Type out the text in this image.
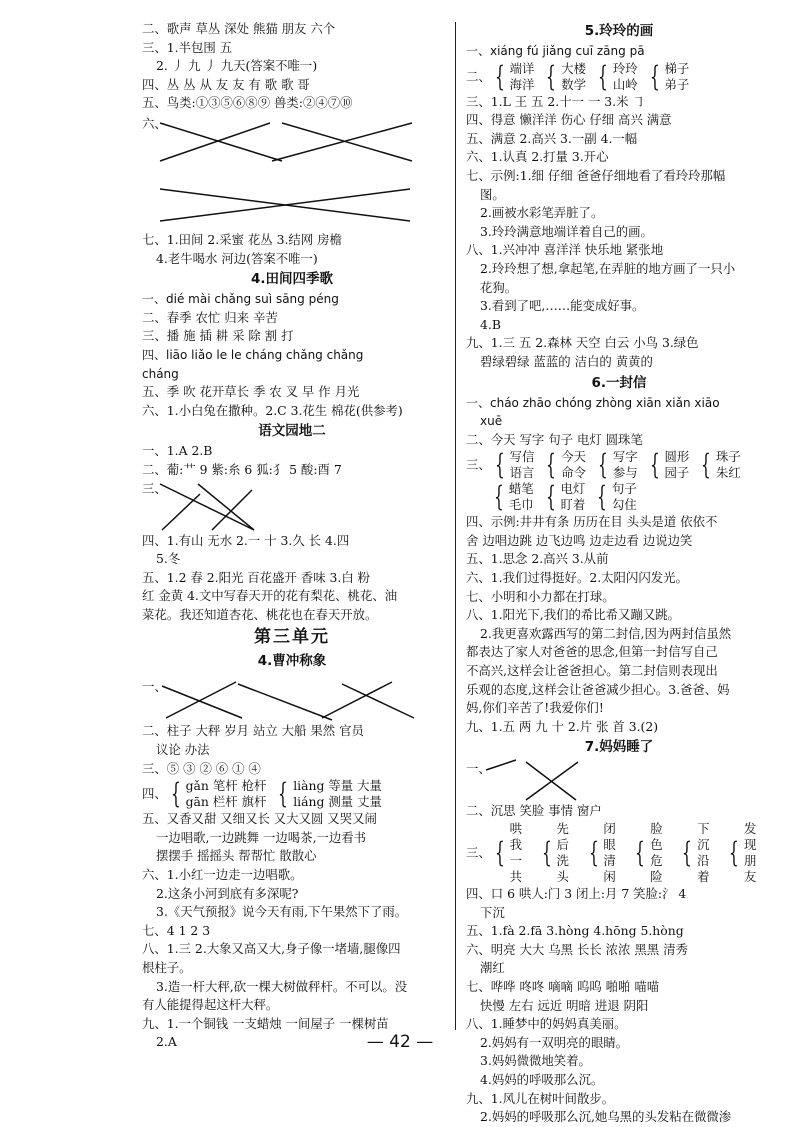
二、歌声 草丛 深处 熊猫 朋友 六个
三、1.半包围 五
2. 丿 九 丿 九天(答案不唯一)
四、丛 丛 从 友 友 有 歌 歌 哥
五、鸟类:①③⑤⑥⑧⑨ 兽类:②④⑦⑩
六、
七、1.田间 2.采蜜 花丛 3.结网 房檐
4.老牛喝水 河边(答案不唯一)
4.田间四季歌
一、dié mài chǎng suì sāng péng
二、春季 农忙 归来 辛苦
三、播 施 插 耕 采 除 割 打
四、liāo liǎo le le cháng chǎng chǎng
cháng
五、季 吹 花开草长 季 农 叉 早 作 月光
六、1.小白兔在撒种。2.C 3.花生 棉花(供参考)
语文园地二
一、1.A 2.B
二、葡:艹 9 紫:糸 6 狐:犭 5 酸:酉 7
三、
四、1.有山 无水 2.一 十 3.久 长 4.四
5.冬
五、1.2 春 2.阳光 百花盛开 香味 3.白 粉
红 金黄 4.文中写春天开的花有梨花、桃花、油
菜花。我还知道杏花、桃花也在春天开放。
第三单元
4.曹冲称象
一、
二、柱子 大秤 岁月 站立 大船 果然 官员
议论 办法
三、⑤ ③ ② ⑥ ① ④
四、 { gǎn 笔杆 枪杆
gān 栏杆 旗杆 { liàng 等量 大量
liáng 测量 丈量
五、又香又甜 又细又长 又大又圆 又哭又闹
一边唱歌,一边跳舞 一边喝茶,一边看书
摆摆手 摇摇头 帮帮忙 散散心
六、1.小红一边走一边唱歌。
2.这条小河到底有多深呢?
3.《天气预报》说今天有雨,下午果然下了雨。
七、4 1 2 3
八、1.三 2.大象又高又大,身子像一堵墙,腿像四
根柱子。
3.造一杆大秤,砍一棵大树做秤杆。不可以。没
有人能提得起这杆大秤。
九、1.一个铜钱 一支蜡烛 一间屋子 一棵树苗
2.A
5.玲玲的画
一、xiáng fú jiǎng cuī zāng pā
二、 { 端详
海洋 { 大楼
数学 { 玲玲
山岭 { 梯子
弟子
三、1.L 王 五 2.十一 一 3.米 ㇆
四、得意 懒洋洋 伤心 仔细 高兴 满意
五、满意 2.高兴 3.一副 4.一幅
六、1.认真 2.打量 3.开心
七、示例:1.细 仔细 爸爸仔细地看了看玲玲那幅
图。
2.画被水彩笔弄脏了。
3.玲玲满意地端详着自己的画。
八、1.兴冲冲 喜洋洋 快乐地 紧张地
2.玲玲想了想,拿起笔,在弄脏的地方画了一只小
花狗。
3.看到了吧,……能变成好事。
4.B
九、1.三 五 2.森林 天空 白云 小鸟 3.绿色
碧绿碧绿 蓝蓝的 洁白的 黄黄的
6.一封信
一、cháo zhāo chóng zhòng xiān xiǎn xiāo
xuē
二、今天 写字 句子 电灯 圆珠笔
三、 { 写信
语言 { 今天
命令 { 写字
参与 { 圆形
园子 { 珠子
朱红
{ 蜡笔
毛巾 { 电灯
盯着 { 句子
勾住
四、示例:井井有条 历历在目 头头是道 依依不
舍 边唱边跳 边飞边鸣 边走边看 边说边笑
五、1.思念 2.高兴 3.从前
六、1.我们过得挺好。2.太阳闪闪发光。
七、小明和小力都在打球。
八、1.阳光下,我们的希比希又蹦又跳。
2.我更喜欢露西写的第二封信,因为两封信虽然
都表达了家人对爸爸的思念,但第一封信写自己
不高兴,这样会让爸爸担心。第二封信则表现出
乐观的态度,这样会让爸爸减少担心。3.爸爸、妈
妈,你们辛苦了!我爱你们!
九、1.五 两 九 十 2.片 张 首 3.(2)
7.妈妈睡了
一、
二、沉思 笑脸 事情 窗户
三、 {
哄我
一共
{
先后
洗头
{
闭眼
清闲
{
脸色
危险
{
下沉
沿着
{
发现
朋友
四、口 6 哄人:门 3 闭上:月 7 笑脸:氵 4
下沉
五、1.fà 2.fā 3.hòng 4.hōng 5.hòng
六、明亮 大大 乌黑 长长 浓浓 黑黑 清秀
潮红
七、哗哗 咚咚 嘀嘀 呜呜 啪啪 喵喵
快慢 左右 远近 明暗 进退 阴阳
八、1.睡梦中的妈妈真美丽。
2.妈妈有一双明亮的眼睛。
3.妈妈微微地笑着。
4.妈妈的呼吸那么沉。
九、1.风儿在树叶间散步。
2.妈妈的呼吸那么沉,她乌黑的头发粘在微微渗
— 42 —
